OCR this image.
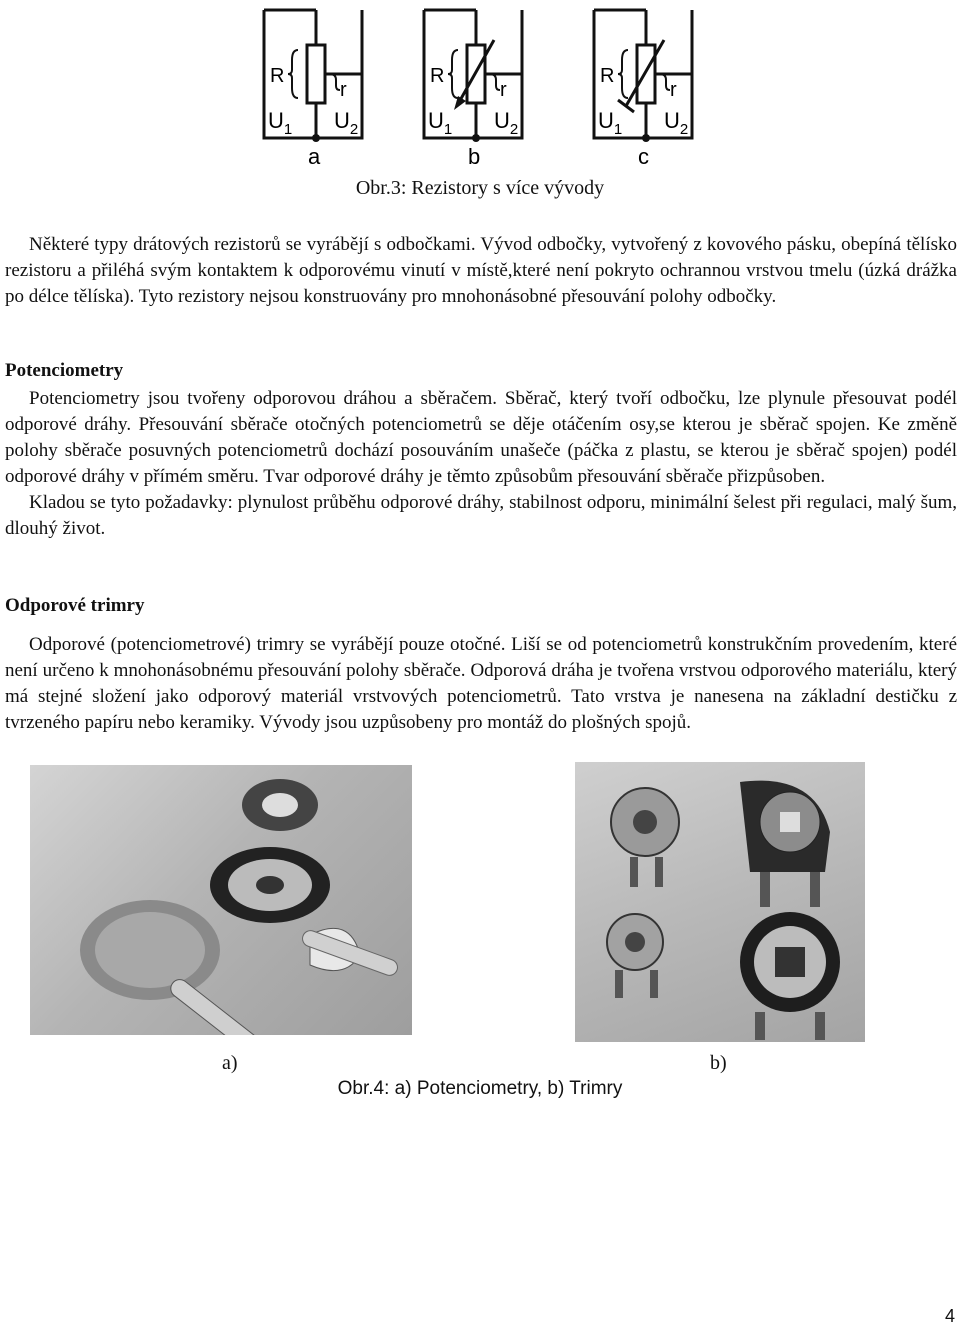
R
r
$U_1$ $U_2$
a
R
r
$U_1$ $U_2$
b
R
r
$U_1$ $U_2$
c
Obr.3: Rezistory s více vývody

Některé typy drátových rezistorů se vyrábějí s odbočkami. Vývod odbočky, vytvořený z kovového pásku, obepíná tělísko rezistoru a přiléhá svým kontaktem k odporovému vinutí v místě,které není pokryto ochrannou vrstvou tmelu (úzká drážka po délce tělíska). Tyto rezistory nejsou konstruovány pro mnohonásobné přesouvání polohy odbočky.

Potenciometry

Potenciometry jsou tvořeny odporovou dráhou a sběračem. Sběrač, který tvoří odbočku, lze plynule přesouvat podél odporové dráhy. Přesouvání sběrače otočných potenciometrů se děje otáčením osy,se kterou je sběrač spojen. Ke změně polohy sběrače posuvných potenciometrů dochází posouváním unašeče (páčka z plastu, se kterou je sběrač spojen) podél odporové dráhy v přímém směru. Tvar odporové dráhy je těmto způsobům přesouvání sběrače přizpůsoben.

Kladou se tyto požadavky: plynulost průběhu odporové dráhy, stabilnost odporu, minimální šelest při regulaci, malý šum, dlouhý život.

Odporové trimry

Odporové (potenciometrové) trimry se vyrábějí pouze otočné. Liší se od potenciometrů konstrukčním provedením, které není určeno k mnohonásobnému přesouvání polohy sběrače. Odporová dráha je tvořena vrstvou odporového materiálu, který má stejné složení jako odporový materiál vrstvových potenciometrů. Tato vrstva je nanesena na základní destičku z tvrzeného papíru nebo keramiky. Vývody jsou uzpůsobeny pro montáž do plošných spojů.

a)	b)
Obr.4: a) Potenciometry, b) Trimry
4
